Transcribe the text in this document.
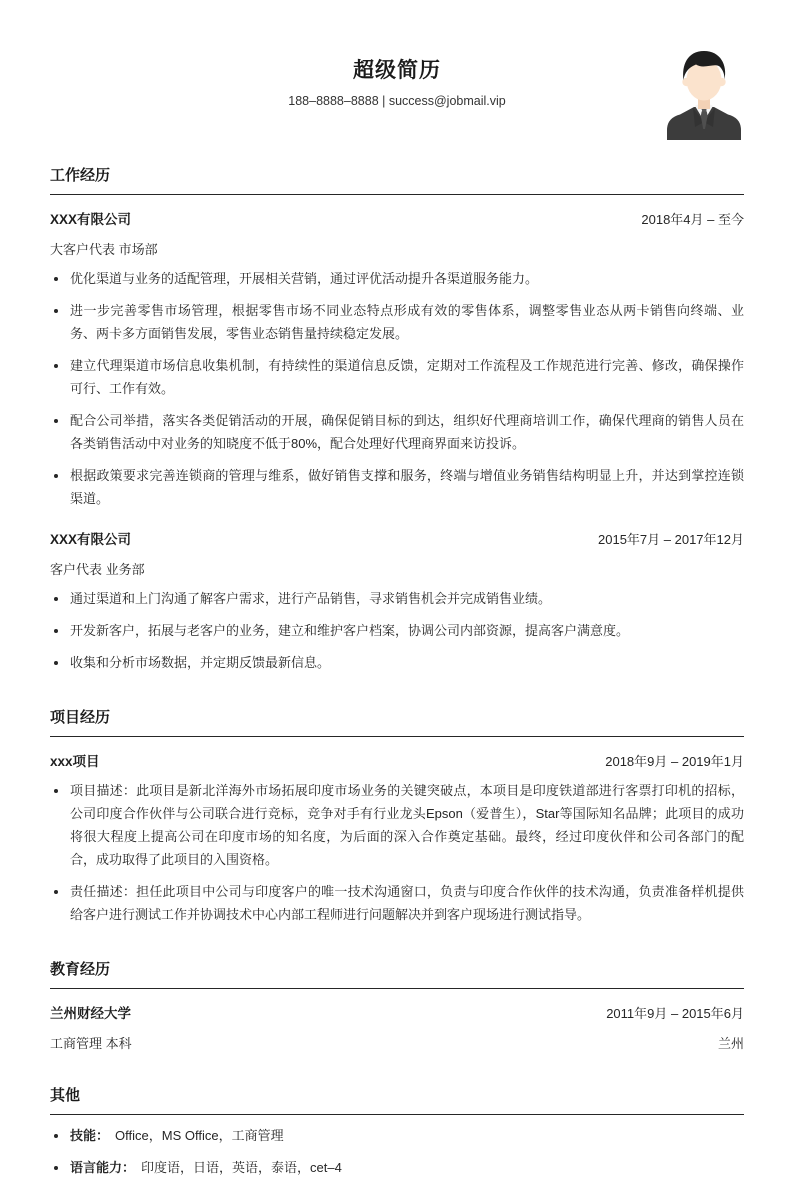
超级简历
188–8888–8888 | success@jobmail.vip
工作经历
XXX有限公司	2018年4月 – 至今
大客户代表 市场部
优化渠道与业务的适配管理，开展相关营销，通过评优活动提升各渠道服务能力。
进一步完善零售市场管理，根据零售市场不同业态特点形成有效的零售体系，调整零售业态从两卡销售向终端、业务、两卡多方面销售发展，零售业态销售量持续稳定发展。
建立代理渠道市场信息收集机制，有持续性的渠道信息反馈，定期对工作流程及工作规范进行完善、修改，确保操作可行、工作有效。
配合公司举措，落实各类促销活动的开展，确保促销目标的到达，组织好代理商培训工作，确保代理商的销售人员在各类销售活动中对业务的知晓度不低于80%，配合处理好代理商界面来访投诉。
根据政策要求完善连锁商的管理与维系，做好销售支撑和服务，终端与增值业务销售结构明显上升，并达到掌控连锁渠道。
XXX有限公司	2015年7月 – 2017年12月
客户代表 业务部
通过渠道和上门沟通了解客户需求，进行产品销售，寻求销售机会并完成销售业绩。
开发新客户，拓展与老客户的业务，建立和维护客户档案，协调公司内部资源，提高客户满意度。
收集和分析市场数据，并定期反馈最新信息。
项目经历
xxx项目	2018年9月 – 2019年1月
项目描述：此项目是新北洋海外市场拓展印度市场业务的关键突破点，本项目是印度铁道部进行客票打印机的招标，公司印度合作伙伴与公司联合进行竞标，竞争对手有行业龙头Epson（爱普生），Star等国际知名品牌；此项目的成功将很大程度上提高公司在印度市场的知名度，为后面的深入合作奠定基础。最终，经过印度伙伴和公司各部门的配合，成功取得了此项目的入围资格。
责任描述：担任此项目中公司与印度客户的唯一技术沟通窗口，负责与印度合作伙伴的技术沟通，负责准备样机提供给客户进行测试工作并协调技术中心内部工程师进行问题解决并到客户现场进行测试指导。
教育经历
兰州财经大学	2011年9月 – 2015年6月
工商管理 本科	兰州
其他
技能： Office，MS Office，工商管理
语言能力： 印度语，日语，英语，泰语，cet–4
